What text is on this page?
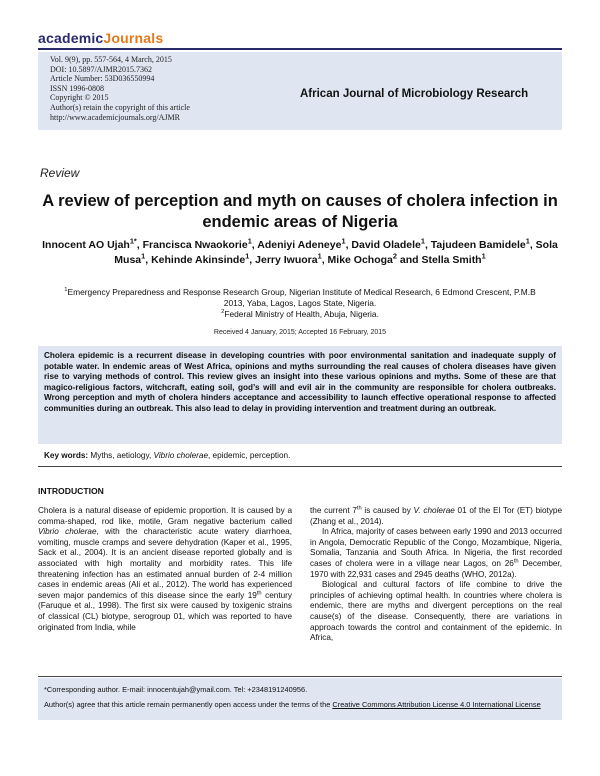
academicJournals
Vol. 9(9), pp. 557-564, 4 March, 2015
DOI: 10.5897/AJMR2015.7362
Article Number: 53D036550994
ISSN 1996-0808
Copyright © 2015
Author(s) retain the copyright of this article
http://www.academicjournals.org/AJMR
African Journal of Microbiology Research
Review
A review of perception and myth on causes of cholera infection in endemic areas of Nigeria
Innocent AO Ujah$^{1*}$, Francisca Nwaokorie$^1$, Adeniyi Adeneye$^1$, David Oladele$^1$, Tajudeen Bamidele$^1$, Sola Musa$^1$, Kehinde Akinsinde$^1$, Jerry Iwuora$^1$, Mike Ochoga$^2$ and Stella Smith$^1$
$^1$Emergency Preparedness and Response Research Group, Nigerian Institute of Medical Research, 6 Edmond Crescent, P.M.B 2013, Yaba, Lagos, Lagos State, Nigeria.
$^2$Federal Ministry of Health, Abuja, Nigeria.
Received 4 January, 2015; Accepted 16 February, 2015
Cholera epidemic is a recurrent disease in developing countries with poor environmental sanitation and inadequate supply of potable water. In endemic areas of West Africa, opinions and myths surrounding the real causes of cholera diseases have given rise to varying methods of control. This review gives an insight into these various opinions and myths. Some of these are that magico-religious factors, witchcraft, eating soil, god’s will and evil air in the community are responsible for cholera outbreaks. Wrong perception and myth of cholera hinders acceptance and accessibility to launch effective operational response to affected communities during an outbreak. This also lead to delay in providing intervention and treatment during an outbreak.
Key words: Myths, aetiology, Vibrio cholerae, epidemic, perception.
INTRODUCTION

Cholera is a natural disease of epidemic proportion. It is caused by a comma-shaped, rod like, motile, Gram negative bacterium called Vibrio cholerae, with the characteristic acute watery diarrhoea, vomiting, muscle cramps and severe dehydration (Kaper et al., 1995, Sack et al., 2004). It is an ancient disease reported globally and is associated with high mortality and morbidity rates. This life threatening infection has an estimated annual burden of 2-4 million cases in endemic areas (Ali et al., 2012). The world has experienced seven major pandemics of this disease since the early 19th century (Faruque et al., 1998). The first six were caused by toxigenic strains of classical (CL) biotype, serogroup 01, which was reported to have originated from India, while

the current 7th is caused by V. cholerae 01 of the El Tor (ET) biotype (Zhang et al., 2014).

In Africa, majority of cases between early 1990 and 2013 occurred in Angola, Democratic Republic of the Congo, Mozambique, Nigeria, Somalia, Tanzania and South Africa. In Nigeria, the first recorded cases of cholera were in a village near Lagos, on 26th December, 1970 with 22,931 cases and 2945 deaths (WHO, 2012a).

Biological and cultural factors of life combine to drive the principles of achieving optimal health. In countries where cholera is endemic, there are myths and divergent perceptions on the real cause(s) of the disease. Consequently, there are variations in approach towards the control and containment of the epidemic. In Africa,

*Corresponding author. E-mail: innocentujah@ymail.com. Tel: +2348191240956.
Author(s) agree that this article remain permanently open access under the terms of the Creative Commons Attribution License 4.0 International License
